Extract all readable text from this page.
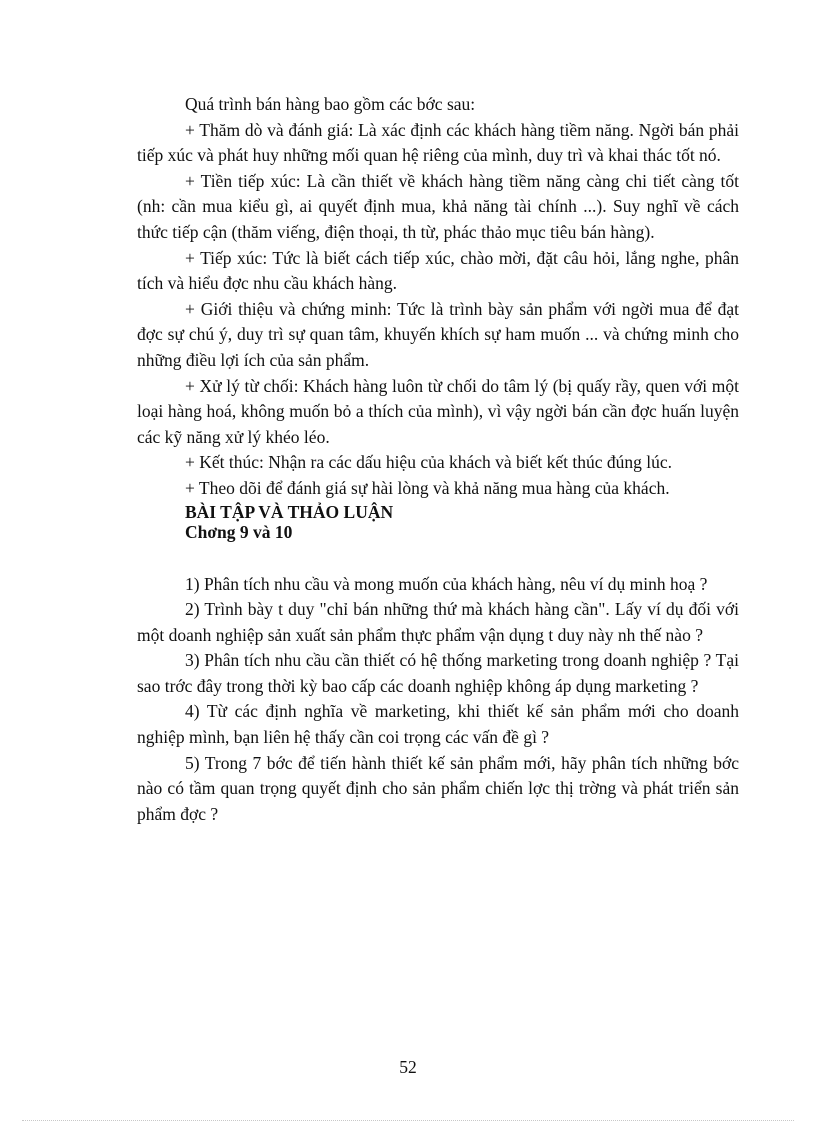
Quá trình bán hàng bao gồm các bớc sau:

+ Thăm dò và đánh giá: Là xác định các khách hàng tiềm năng. Ngời bán phải tiếp xúc và phát huy những mối quan hệ riêng của mình, duy trì và khai thác tốt nó.

+ Tiền tiếp xúc: Là cần thiết về khách hàng tiềm năng càng chi tiết càng tốt (nh: cần mua kiểu gì, ai quyết định mua, khả năng tài chính ...). Suy nghĩ về cách thức tiếp cận (thăm viếng, điện thoại, th từ, phác thảo mục tiêu bán hàng).

+ Tiếp xúc: Tức là biết cách tiếp xúc, chào mời, đặt câu hỏi, lắng nghe, phân tích và hiểu đợc nhu cầu khách hàng.

+ Giới thiệu và chứng minh: Tức là trình bày sản phẩm với ngời mua để đạt đợc sự chú ý, duy trì sự quan tâm, khuyến khích sự ham muốn ... và chứng minh cho những điều lợi ích của sản phẩm.

+ Xử lý từ chối: Khách hàng luôn từ chối do tâm lý (bị quấy rầy, quen với một loại hàng hoá, không muốn bỏ a thích của mình), vì vậy ngời bán cần đợc huấn luyện các kỹ năng xử lý khéo léo.

+ Kết thúc: Nhận ra các dấu hiệu của khách và biết kết thúc đúng lúc.

+ Theo dõi để đánh giá sự hài lòng và khả năng mua hàng của khách.

BÀI TẬP VÀ THẢO LUẬN

Chơng 9 và 10

1) Phân tích nhu cầu và mong muốn của khách hàng, nêu ví dụ minh hoạ ?

2) Trình bày t duy "chỉ bán những thứ mà khách hàng cần". Lấy ví dụ đối với một doanh nghiệp sản xuất sản phẩm thực phẩm vận dụng t duy này nh thế nào ?

3) Phân tích nhu cầu cần thiết có hệ thống marketing trong doanh nghiệp ? Tại sao trớc đây trong thời kỳ bao cấp các doanh nghiệp không áp dụng marketing ?

4) Từ các định nghĩa về marketing, khi thiết kế sản phẩm mới cho doanh nghiệp mình, bạn liên hệ thấy cần coi trọng các vấn đề gì ?

5) Trong 7 bớc để tiến hành thiết kế sản phẩm mới, hãy phân tích những bớc nào có tầm quan trọng quyết định cho sản phẩm chiến lợc thị trờng và phát triển sản phẩm đợc ?

52
